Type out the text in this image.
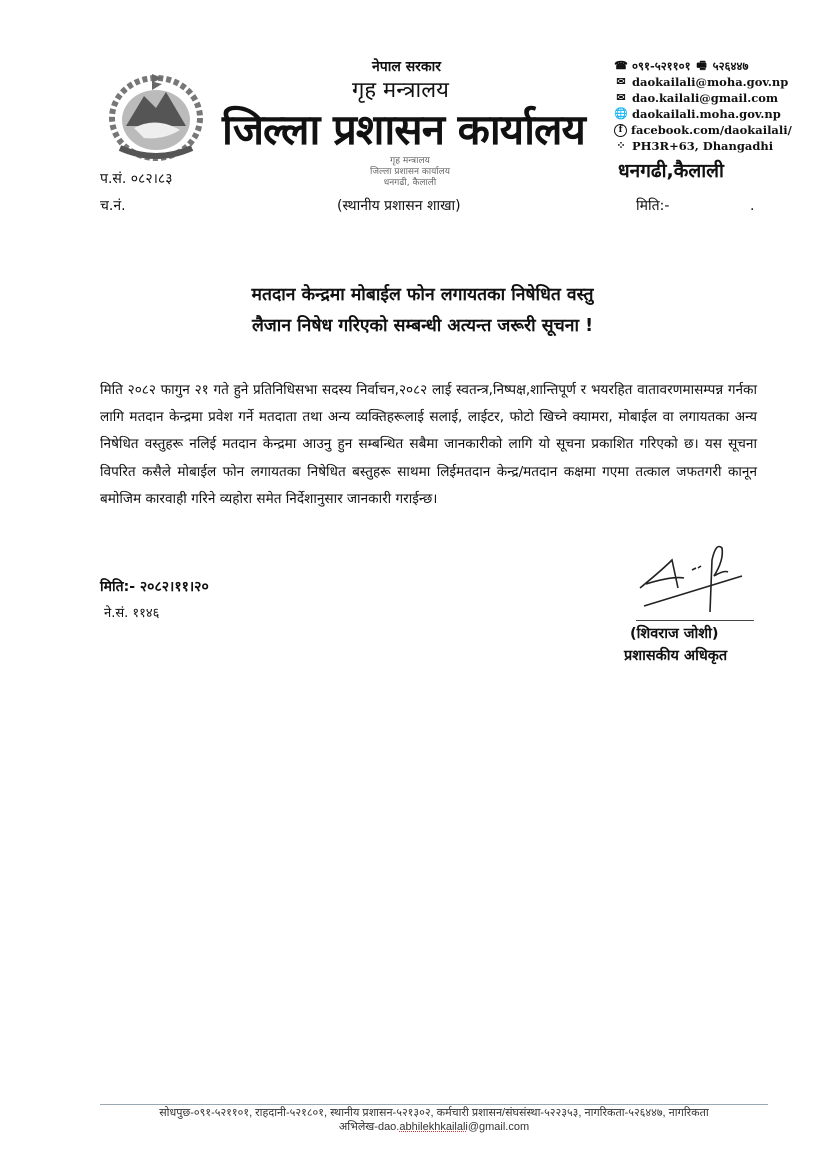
नेपाल सरकार
गृह मन्त्रालय
जिल्ला प्रशासन कार्यालय
गृह मन्त्रालय
जिल्ला प्रशासन कार्यालय
धनगढी, कैलाली
☎ ०९१-५२११०१ 🖷 ५२६४४७
✉ daokailali@moha.gov.np
✉ dao.kailali@gmail.com
🌐 daokailali.moha.gov.np
f facebook.com/daokailali/
⁘ PH3R+63, Dhangadhi
धनगढी,कैलाली
प.सं. ०८२।८३
च.नं.	(स्थानीय प्रशासन शाखा)	मिति:-	.
मतदान केन्द्रमा मोबाईल फोन लगायतका निषेधित वस्तु
लैजान निषेध गरिएको सम्बन्धी अत्यन्त जरूरी सूचना !
मिति २०८२ फागुन २१ गते हुने प्रतिनिधिसभा सदस्य निर्वाचन,२०८२ लाई स्वतन्त्र,निष्पक्ष,शान्तिपूर्ण र भयरहित वातावरणमासम्पन्न गर्नका लागि मतदान केन्द्रमा प्रवेश गर्ने मतदाता तथा अन्य व्यक्तिहरूलाई सलाई, लाईटर, फोटो खिच्ने क्यामरा, मोबाईल वा लगायतका अन्य निषेधित वस्तुहरू नलिई मतदान केन्द्रमा आउनु हुन सम्बन्धित सबैमा जानकारीको लागि यो सूचना प्रकाशित गरिएको छ। यस सूचना विपरित कसैले मोबाईल फोन लगायतका निषेधित बस्तुहरू साथमा लिईमतदान केन्द्र/मतदान कक्षमा गएमा तत्काल जफतगरी कानून बमोजिम कारवाही गरिने व्यहोरा समेत निर्देशानुसार जानकारी गराईन्छ।
मिति:- २०८२।११।२०
ने.सं. ११४६
(शिवराज जोशी)
प्रशासकीय अधिकृत
सोधपुछ-०९१-५२११०१, राहदानी-५२१८०१, स्थानीय प्रशासन-५२१३०२, कर्मचारी प्रशासन/संघसंस्था-५२२३५३, नागरिकता-५२६४४७, नागरिकता
अभिलेख-dao.abhilekhkailali@gmail.com
